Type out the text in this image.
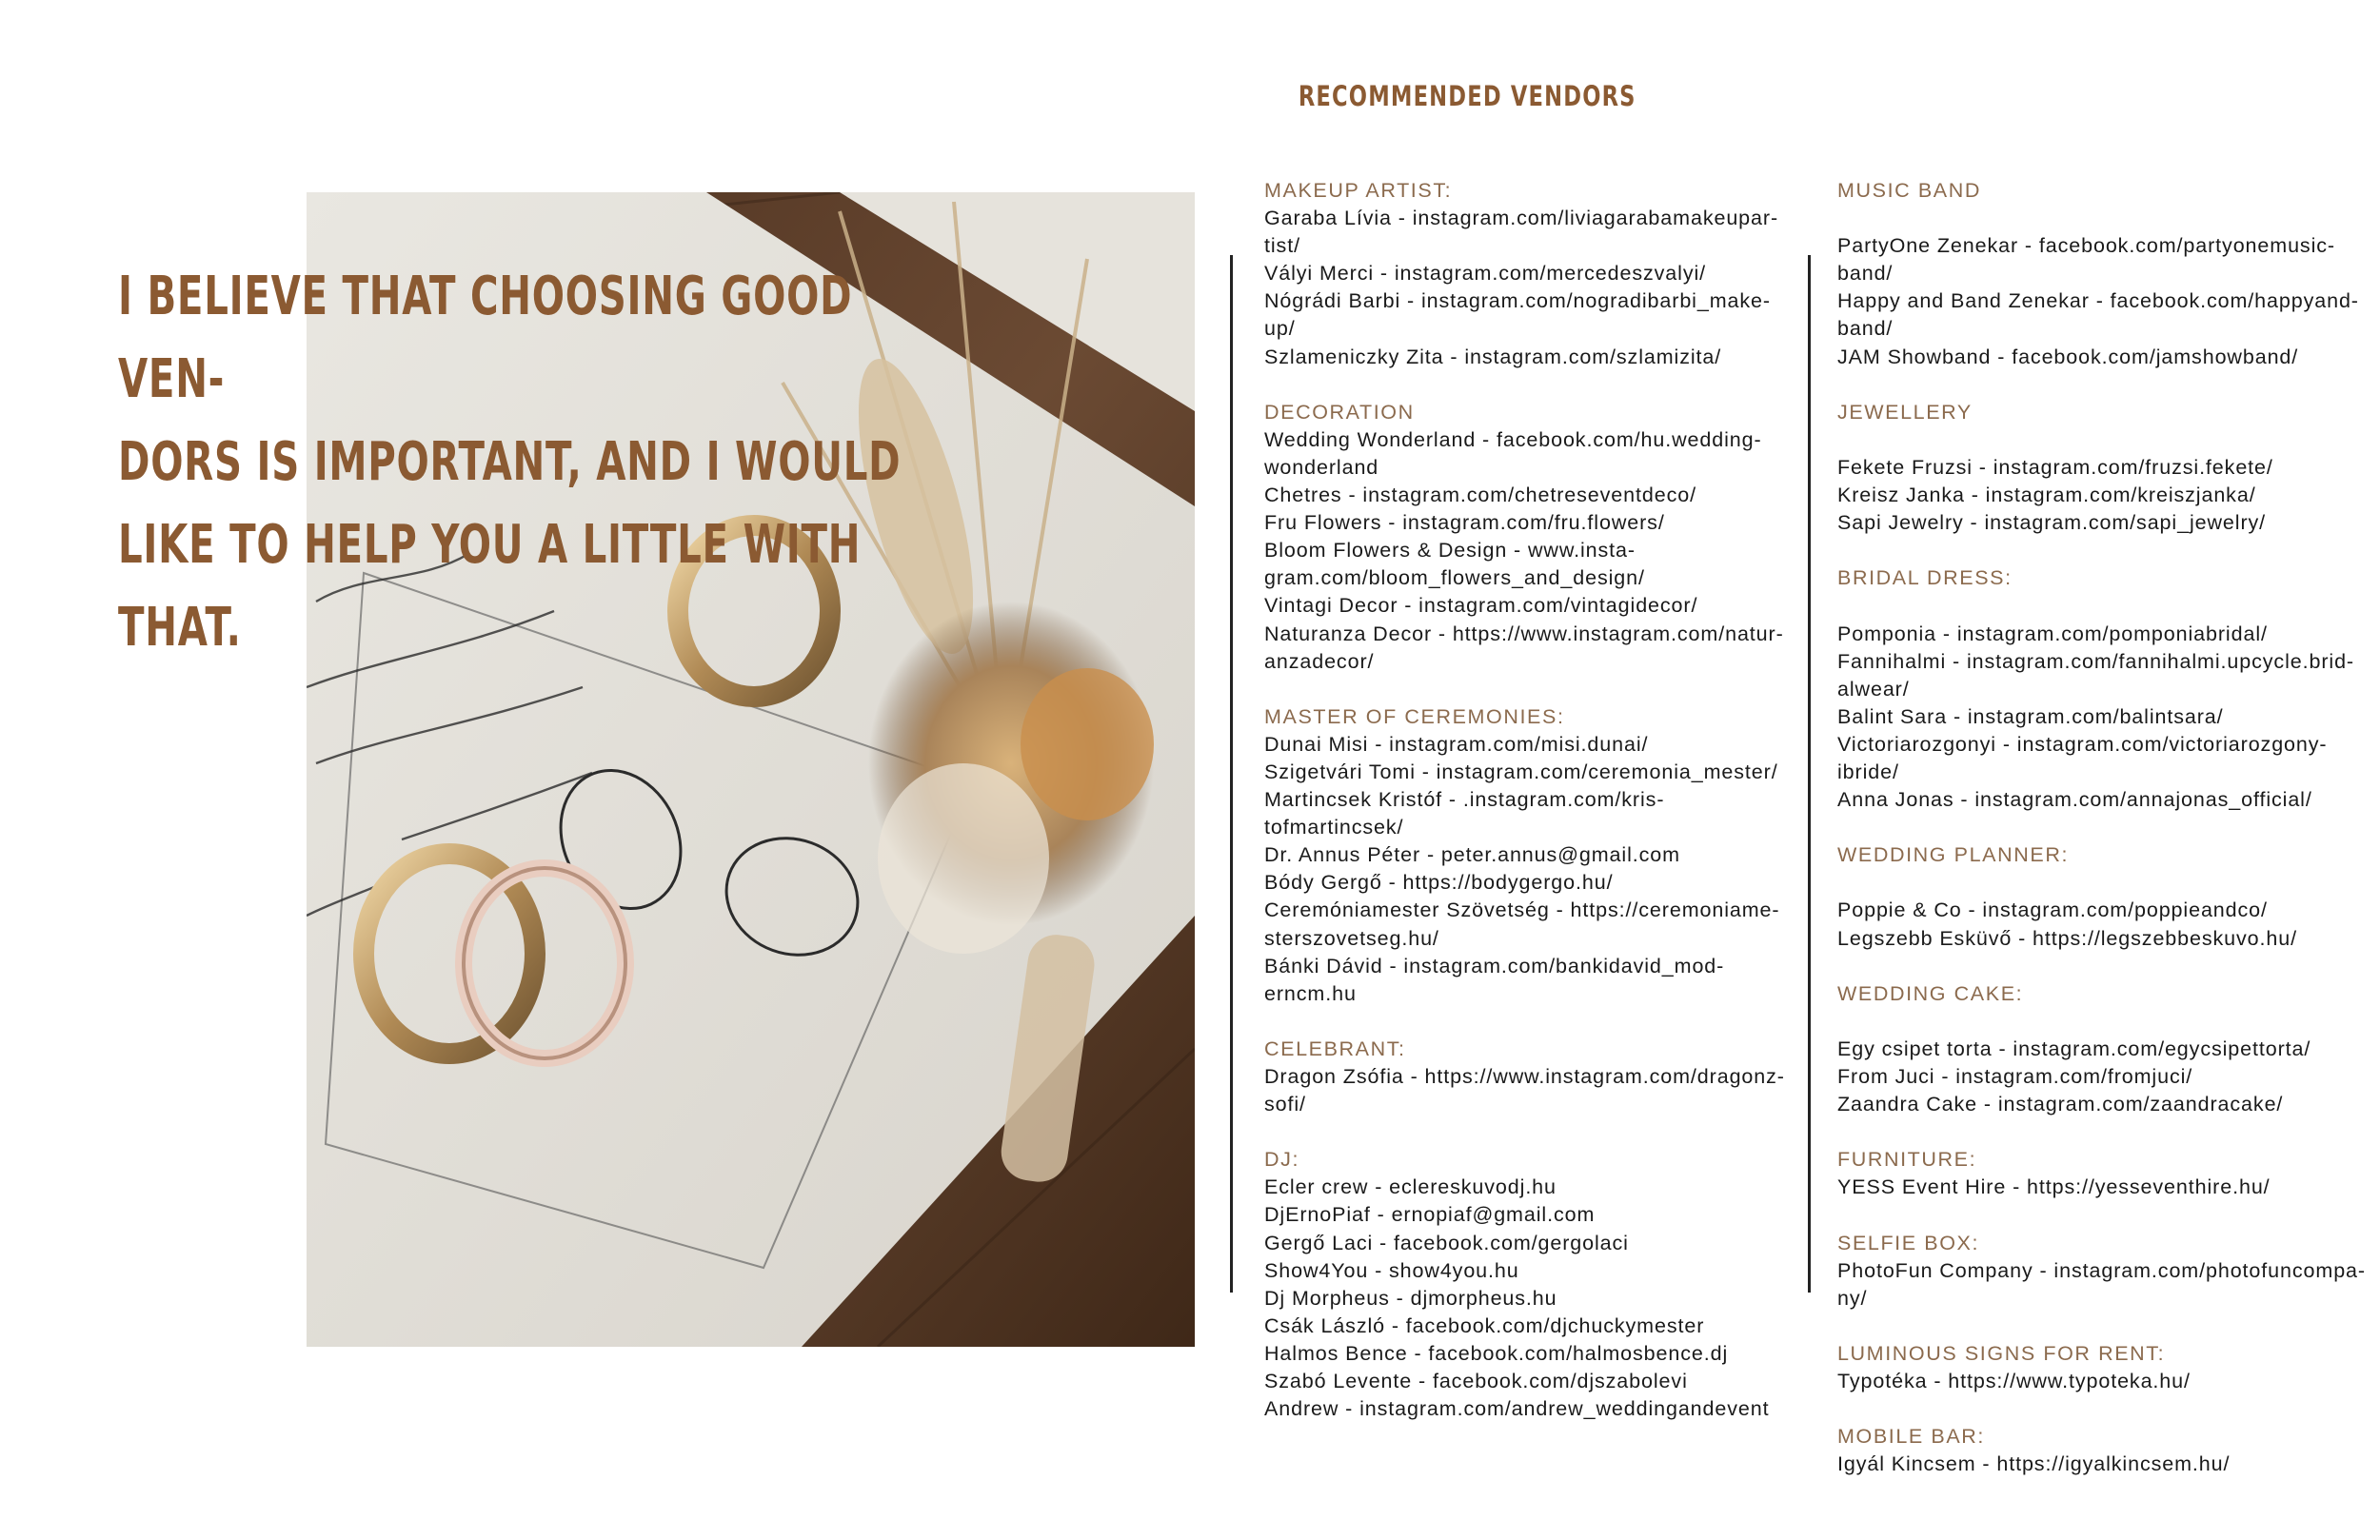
I BELIEVE THAT CHOOSING GOOD VEN-
DORS IS IMPORTANT, AND I WOULD
LIKE TO HELP YOU A LITTLE WITH
THAT.
RECOMMENDED VENDORS
MAKEUP ARTIST:
Garaba Lívia - instagram.com/liviagarabamakeupar-
tist/
Vályi Merci - instagram.com/mercedeszvalyi/
Nógrádi Barbi - instagram.com/nogradibarbi_make-
up/
Szlameniczky Zita - instagram.com/szlamizita/
DECORATION
Wedding Wonderland - facebook.com/hu.wedding-
wonderland
Chetres - instagram.com/chetreseventdeco/
Fru Flowers - instagram.com/fru.flowers/
Bloom Flowers & Design - www.insta-
gram.com/bloom_flowers_and_design/
Vintagi Decor - instagram.com/vintagidecor/
Naturanza Decor - https://www.instagram.com/natur-
anzadecor/
MASTER OF CEREMONIES:
Dunai Misi - instagram.com/misi.dunai/
Szigetvári Tomi - instagram.com/ceremonia_mester/
Martincsek Kristóf - .instagram.com/kris-
tofmartincsek/
Dr. Annus Péter - peter.annus@gmail.com
Bódy Gergő - https://bodygergo.hu/
Ceremóniamester Szövetség - https://ceremoniame-
sterszovetseg.hu/
Bánki Dávid - instagram.com/bankidavid_mod-
erncm.hu
CELEBRANT:
Dragon Zsófia - https://www.instagram.com/dragonz-
sofi/
DJ:
Ecler crew - eclereskuvodj.hu
DjErnoPiaf - ernopiaf@gmail.com
Gergő Laci - facebook.com/gergolaci
Show4You - show4you.hu
Dj Morpheus - djmorpheus.hu
Csák László - facebook.com/djchuckymester
Halmos Bence - facebook.com/halmosbence.dj
Szabó Levente - facebook.com/djszabolevi
Andrew - instagram.com/andrew_weddingandevent
MUSIC BAND
PartyOne Zenekar - facebook.com/partyonemusic-
band/
Happy and Band Zenekar - facebook.com/happyand-
band/
JAM Showband - facebook.com/jamshowband/
JEWELLERY
Fekete Fruzsi - instagram.com/fruzsi.fekete/
Kreisz Janka - instagram.com/kreiszjanka/
Sapi Jewelry - instagram.com/sapi_jewelry/
BRIDAL DRESS:
Pomponia - instagram.com/pomponiabridal/
Fannihalmi - instagram.com/fannihalmi.upcycle.brid-
alwear/
Balint Sara - instagram.com/balintsara/
Victoriarozgonyi - instagram.com/victoriarozgony-
ibride/
Anna Jonas - instagram.com/annajonas_official/
WEDDING PLANNER:
Poppie & Co - instagram.com/poppieandco/
Legszebb Esküvő - https://legszebbeskuvo.hu/
WEDDING CAKE:
Egy csipet torta - instagram.com/egycsipettorta/
From Juci - instagram.com/fromjuci/
Zaandra Cake - instagram.com/zaandracake/
FURNITURE:
YESS Event Hire - https://yesseventhire.hu/
SELFIE BOX:
PhotoFun Company - instagram.com/photofuncompa-
ny/
LUMINOUS SIGNS FOR RENT:
Typotéka - https://www.typoteka.hu/
MOBILE BAR:
Igyál Kincsem - https://igyalkincsem.hu/
